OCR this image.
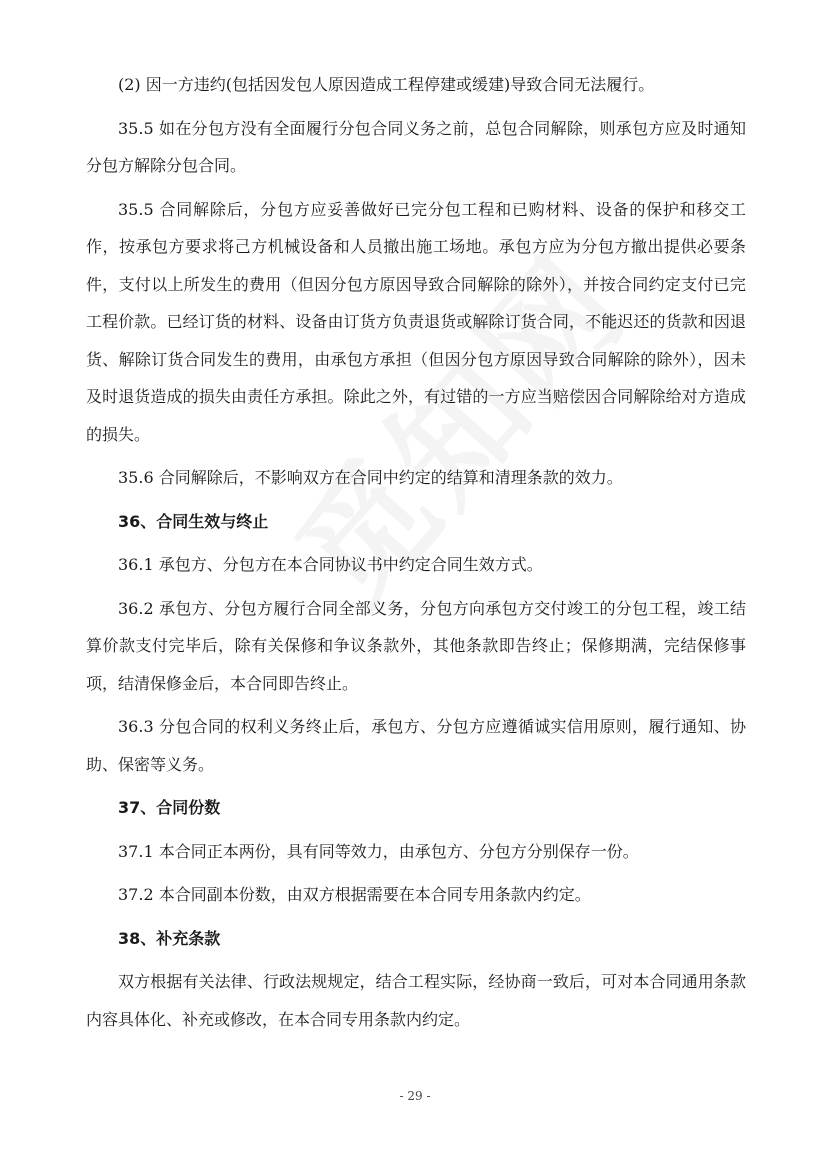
(2) 因一方违约(包括因发包人原因造成工程停建或缓建)导致合同无法履行。

35.5 如在分包方没有全面履行分包合同义务之前，总包合同解除，则承包方应及时通知分包方解除分包合同。

35.5 合同解除后，分包方应妥善做好已完分包工程和已购材料、设备的保护和移交工作，按承包方要求将己方机械设备和人员撤出施工场地。承包方应为分包方撤出提供必要条件，支付以上所发生的费用（但因分包方原因导致合同解除的除外），并按合同约定支付已完工程价款。已经订货的材料、设备由订货方负责退货或解除订货合同，不能迟还的货款和因退货、解除订货合同发生的费用，由承包方承担（但因分包方原因导致合同解除的除外），因未及时退货造成的损失由责任方承担。除此之外，有过错的一方应当赔偿因合同解除给对方造成的损失。

35.6 合同解除后，不影响双方在合同中约定的结算和清理条款的效力。

36、合同生效与终止

36.1 承包方、分包方在本合同协议书中约定合同生效方式。

36.2 承包方、分包方履行合同全部义务，分包方向承包方交付竣工的分包工程，竣工结算价款支付完毕后，除有关保修和争议条款外，其他条款即告终止；保修期满，完结保修事项，结清保修金后，本合同即告终止。

36.3 分包合同的权利义务终止后，承包方、分包方应遵循诚实信用原则，履行通知、协助、保密等义务。

37、合同份数

37.1 本合同正本两份，具有同等效力，由承包方、分包方分别保存一份。

37.2 本合同副本份数，由双方根据需要在本合同专用条款内约定。

38、补充条款

双方根据有关法律、行政法规规定，结合工程实际，经协商一致后，可对本合同通用条款内容具体化、补充或修改，在本合同专用条款内约定。

- 29 -
